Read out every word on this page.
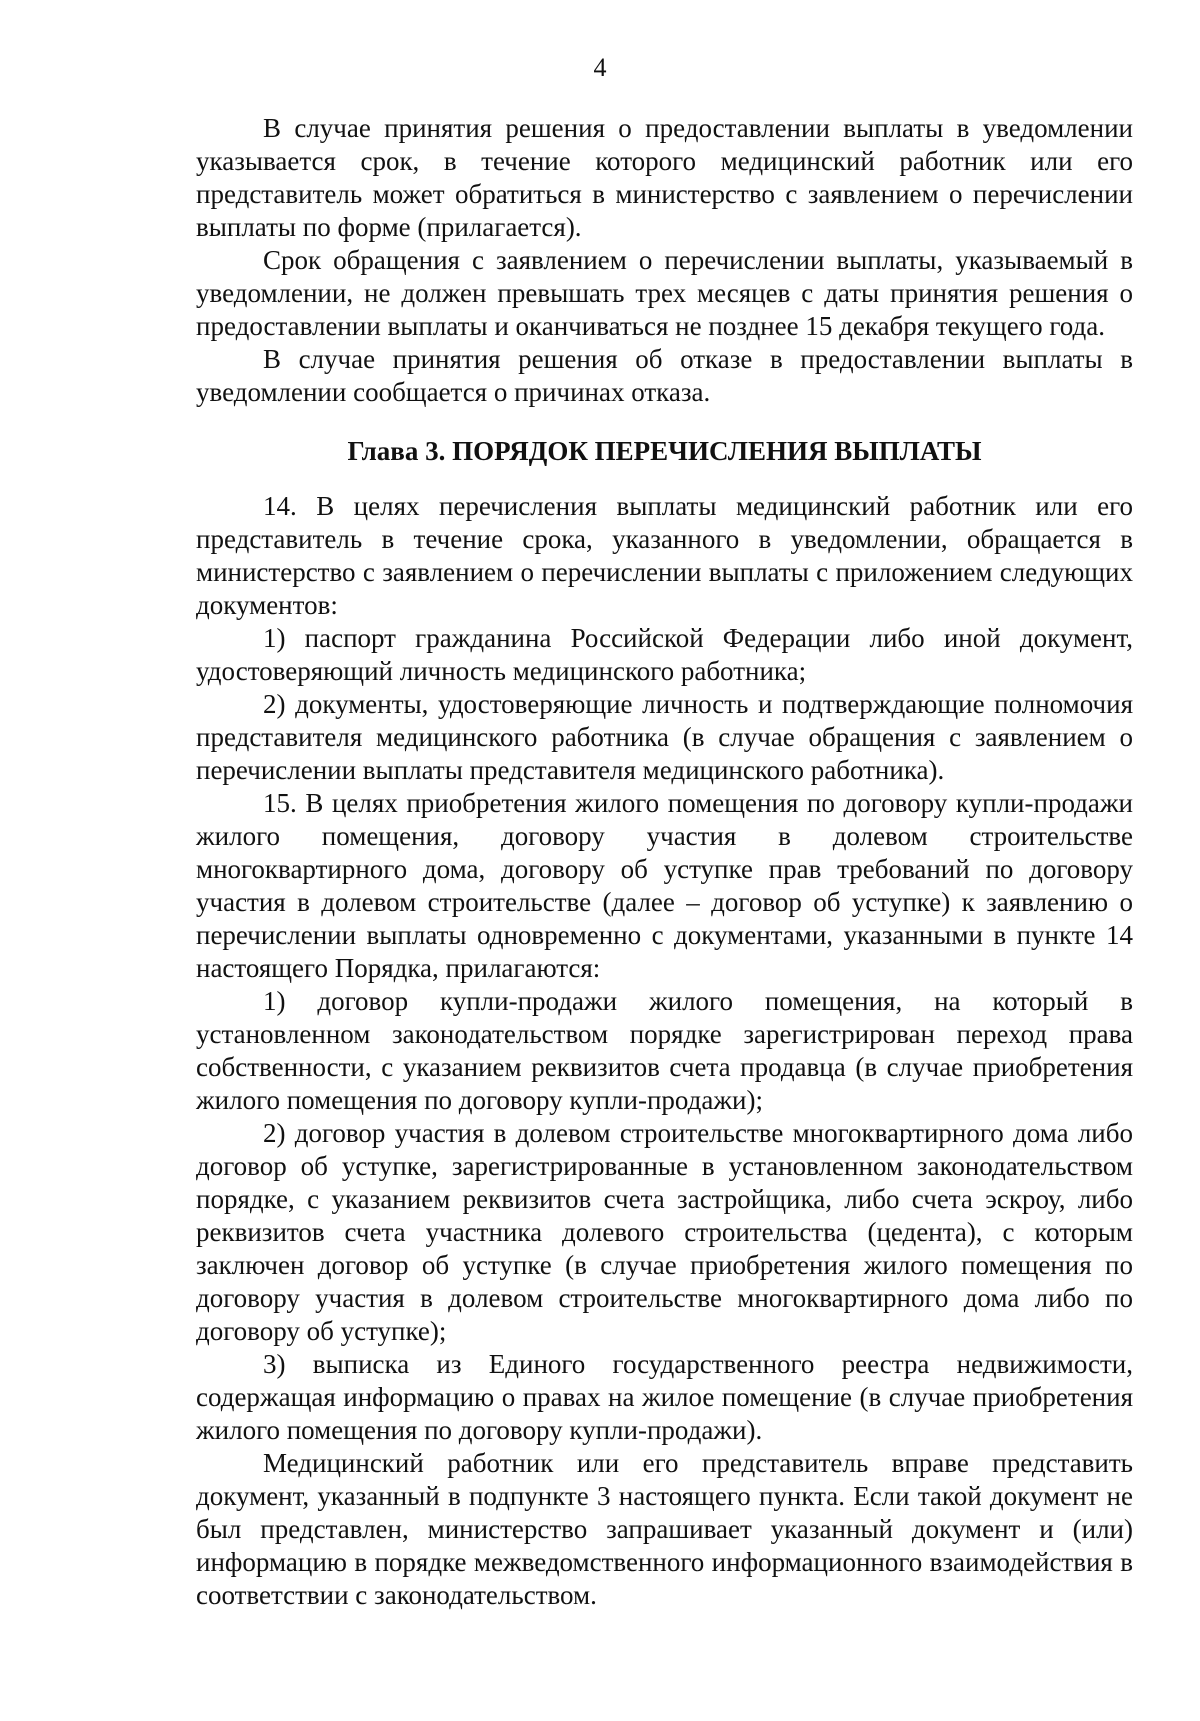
4

В случае принятия решения о предоставлении выплаты в уведомлении указывается срок, в течение которого медицинский работник или его представитель может обратиться в министерство с заявлением о перечислении выплаты по форме (прилагается).

Срок обращения с заявлением о перечислении выплаты, указываемый в уведомлении, не должен превышать трех месяцев с даты принятия решения о предоставлении выплаты и оканчиваться не позднее 15 декабря текущего года.

В случае принятия решения об отказе в предоставлении выплаты в уведомлении сообщается о причинах отказа.

Глава 3. ПОРЯДОК ПЕРЕЧИСЛЕНИЯ ВЫПЛАТЫ

14. В целях перечисления выплаты медицинский работник или его представитель в течение срока, указанного в уведомлении, обращается в министерство с заявлением о перечислении выплаты с приложением следующих документов:

1) паспорт гражданина Российской Федерации либо иной документ, удостоверяющий личность медицинского работника;

2) документы, удостоверяющие личность и подтверждающие полномочия представителя медицинского работника (в случае обращения с заявлением о перечислении выплаты представителя медицинского работника).

15. В целях приобретения жилого помещения по договору купли-продажи жилого помещения, договору участия в долевом строительстве многоквартирного дома, договору об уступке прав требований по договору участия в долевом строительстве (далее – договор об уступке) к заявлению о перечислении выплаты одновременно с документами, указанными в пункте 14 настоящего Порядка, прилагаются:

1) договор купли-продажи жилого помещения, на который в установленном законодательством порядке зарегистрирован переход права собственности, с указанием реквизитов счета продавца (в случае приобретения жилого помещения по договору купли-продажи);

2) договор участия в долевом строительстве многоквартирного дома либо договор об уступке, зарегистрированные в установленном законодательством порядке, с указанием реквизитов счета застройщика, либо счета эскроу, либо реквизитов счета участника долевого строительства (цедента), с которым заключен договор об уступке (в случае приобретения жилого помещения по договору участия в долевом строительстве многоквартирного дома либо по договору об уступке);

3) выписка из Единого государственного реестра недвижимости, содержащая информацию о правах на жилое помещение (в случае приобретения жилого помещения по договору купли-продажи).

Медицинский работник или его представитель вправе представить документ, указанный в подпункте 3 настоящего пункта. Если такой документ не был представлен, министерство запрашивает указанный документ и (или) информацию в порядке межведомственного информационного взаимодействия в соответствии с законодательством.
